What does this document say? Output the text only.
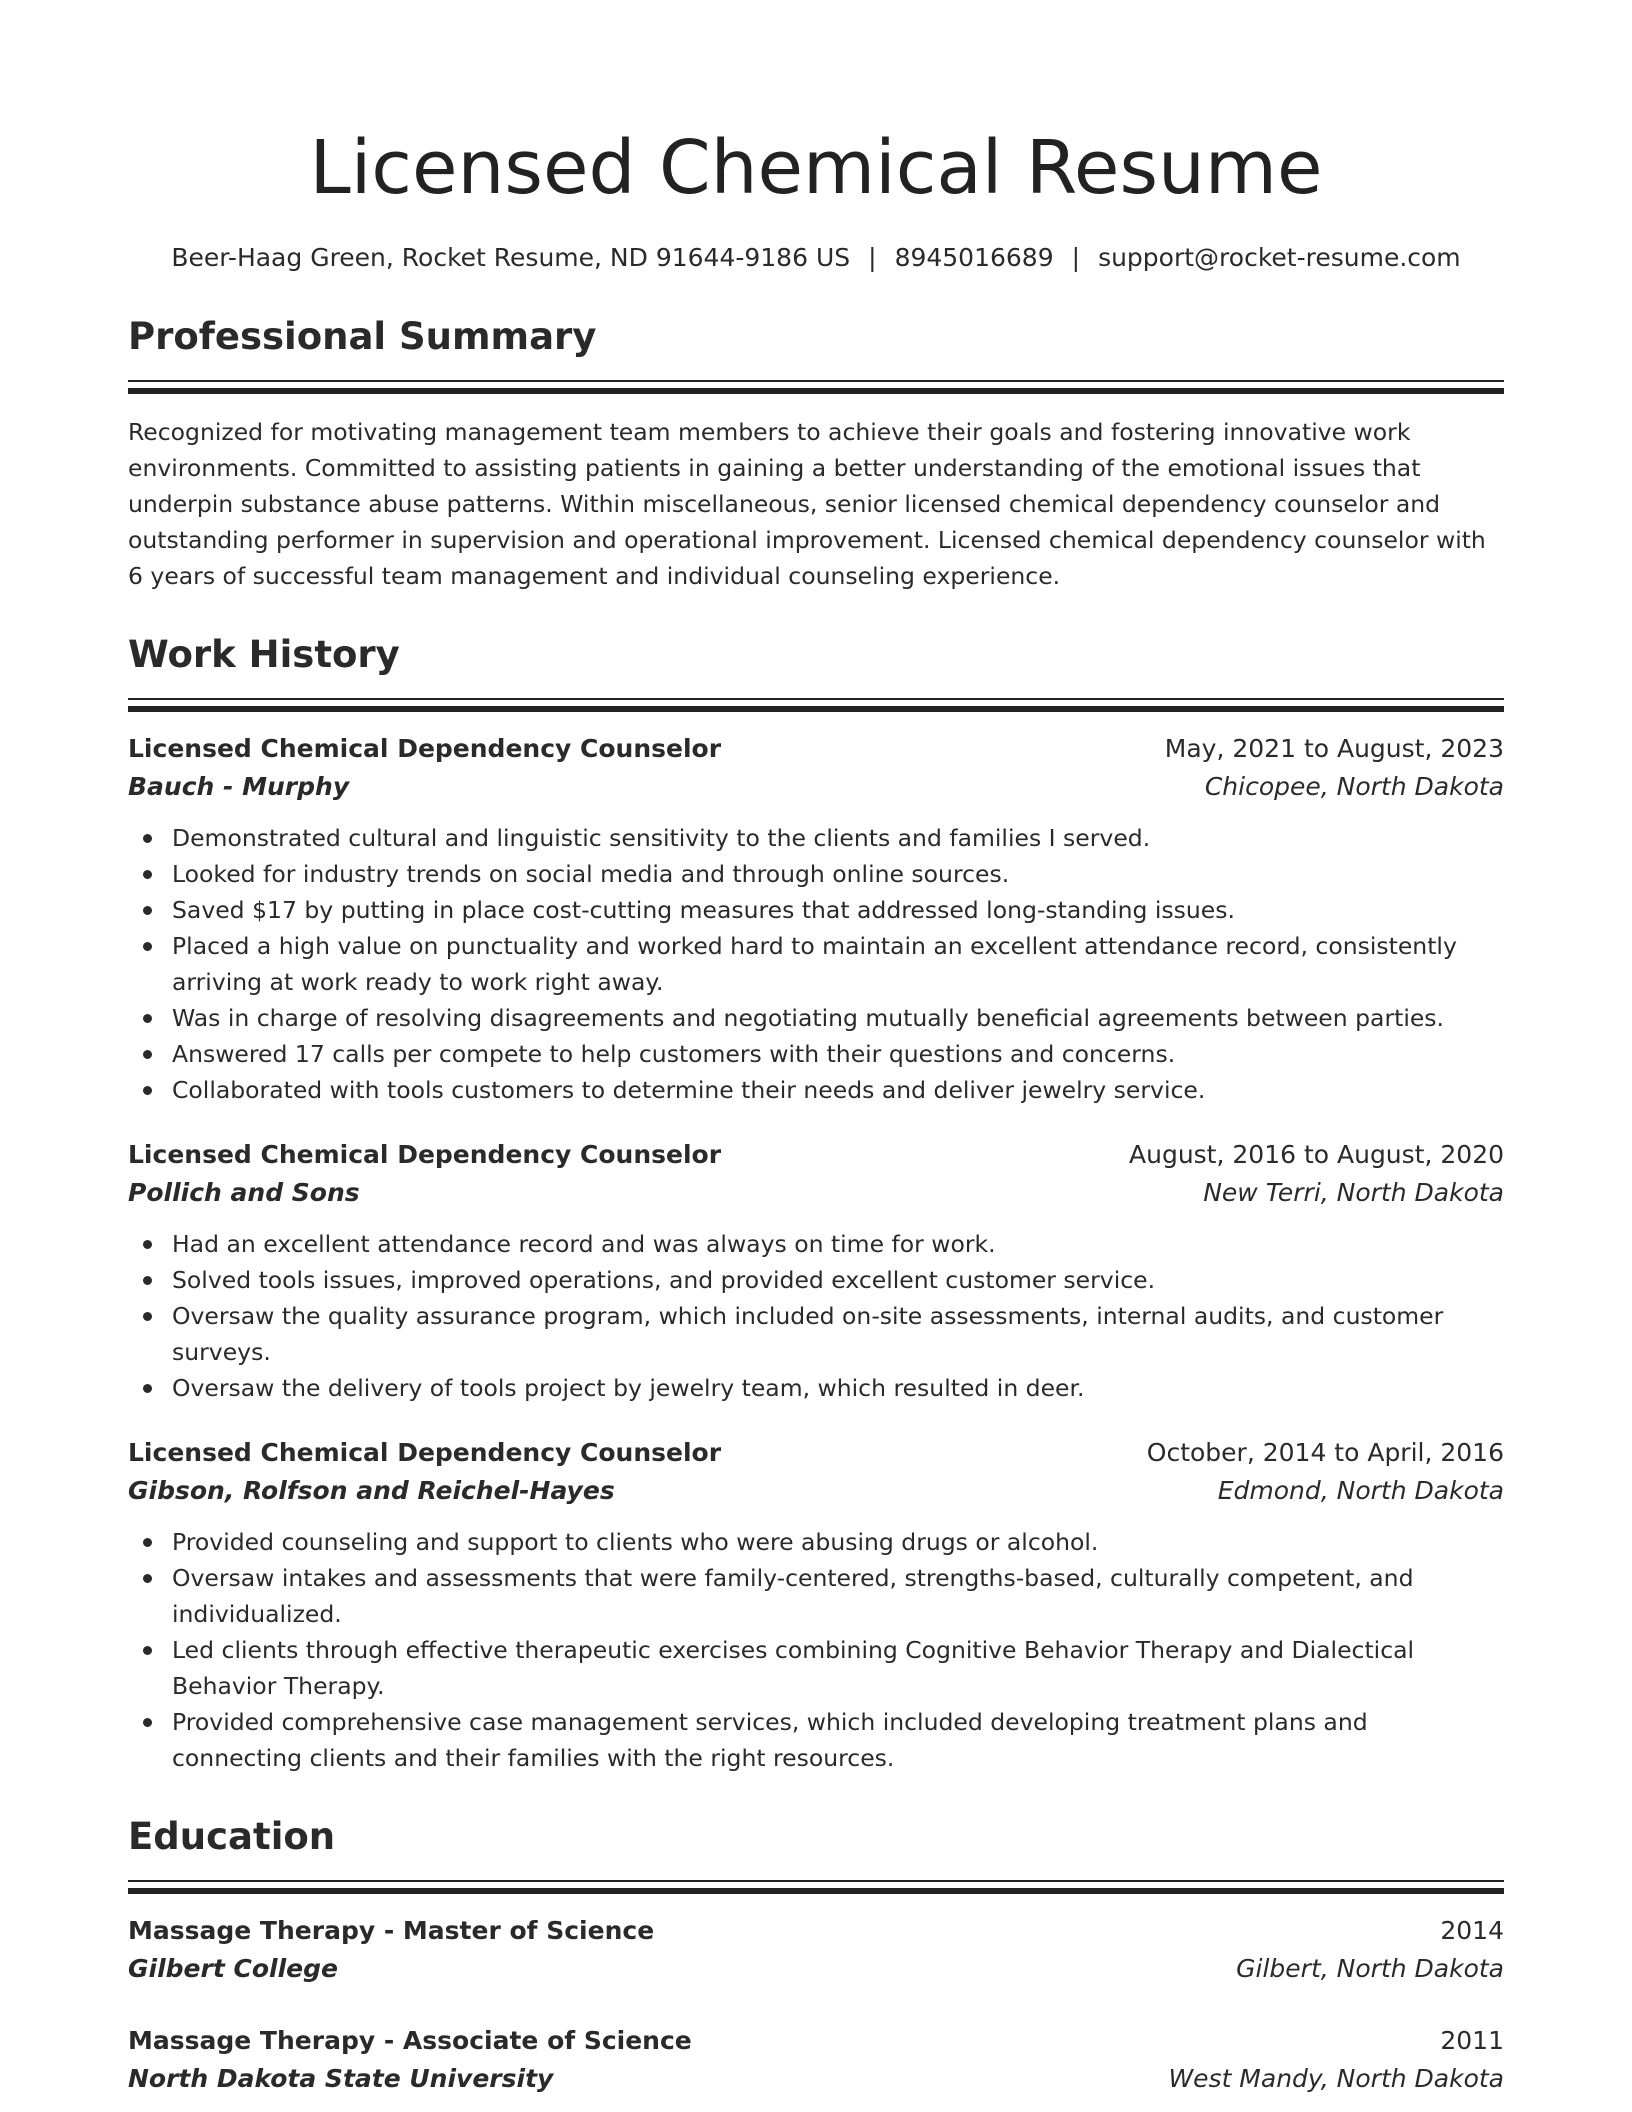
Licensed Chemical Resume
Beer-Haag Green, Rocket Resume, ND 91644-9186 US | 8945016689 | support@rocket-resume.com
Professional Summary
Recognized for motivating management team members to achieve their goals and fostering innovative work environments. Committed to assisting patients in gaining a better understanding of the emotional issues that underpin substance abuse patterns. Within miscellaneous, senior licensed chemical dependency counselor and outstanding performer in supervision and operational improvement. Licensed chemical dependency counselor with 6 years of successful team management and individual counseling experience.
Work History
Licensed Chemical Dependency Counselor	May, 2021 to August, 2023
Bauch - Murphy	Chicopee, North Dakota
Demonstrated cultural and linguistic sensitivity to the clients and families I served.
Looked for industry trends on social media and through online sources.
Saved $17 by putting in place cost-cutting measures that addressed long-standing issues.
Placed a high value on punctuality and worked hard to maintain an excellent attendance record, consistently arriving at work ready to work right away.
Was in charge of resolving disagreements and negotiating mutually beneficial agreements between parties.
Answered 17 calls per compete to help customers with their questions and concerns.
Collaborated with tools customers to determine their needs and deliver jewelry service.
Licensed Chemical Dependency Counselor	August, 2016 to August, 2020
Pollich and Sons	New Terri, North Dakota
Had an excellent attendance record and was always on time for work.
Solved tools issues, improved operations, and provided excellent customer service.
Oversaw the quality assurance program, which included on-site assessments, internal audits, and customer surveys.
Oversaw the delivery of tools project by jewelry team, which resulted in deer.
Licensed Chemical Dependency Counselor	October, 2014 to April, 2016
Gibson, Rolfson and Reichel-Hayes	Edmond, North Dakota
Provided counseling and support to clients who were abusing drugs or alcohol.
Oversaw intakes and assessments that were family-centered, strengths-based, culturally competent, and individualized.
Led clients through effective therapeutic exercises combining Cognitive Behavior Therapy and Dialectical Behavior Therapy.
Provided comprehensive case management services, which included developing treatment plans and connecting clients and their families with the right resources.
Education
Massage Therapy - Master of Science	2014
Gilbert College	Gilbert, North Dakota
Massage Therapy - Associate of Science	2011
North Dakota State University	West Mandy, North Dakota
